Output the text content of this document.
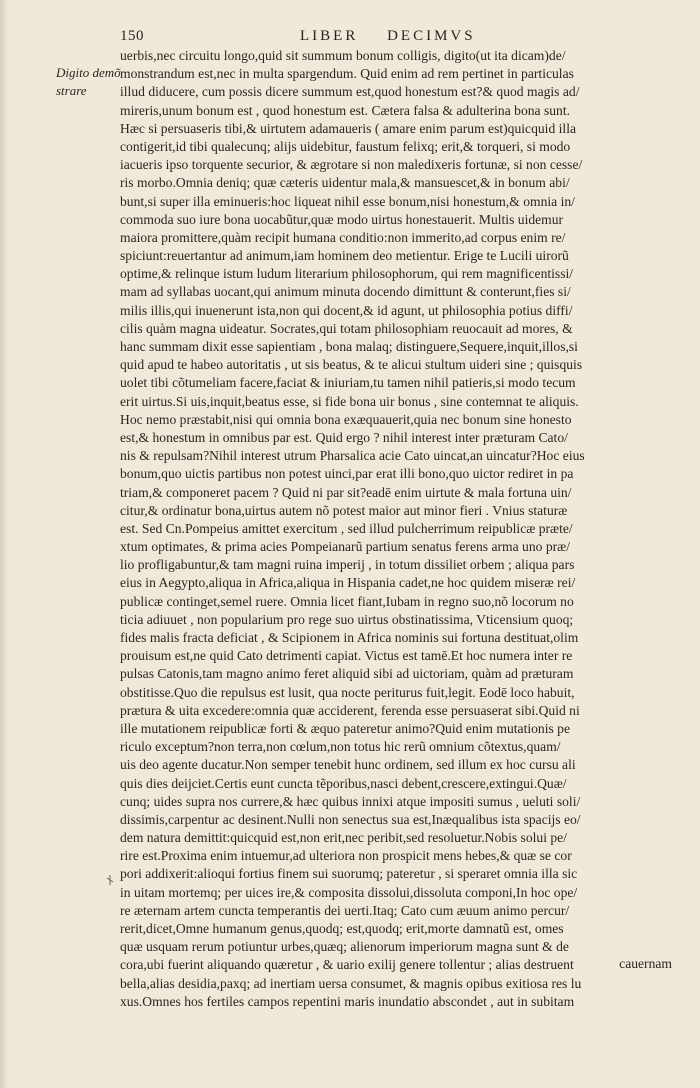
150	LIBER DECIMVS
Digito demõ
strare
uerbis,nec circuitu longo,quid sit summum bonum colligis, digito(ut ita dicam)de/
monstrandum est,nec in multa spargendum. Quid enim ad rem pertinet in particulas
illud diducere, cum possis dicere summum est,quod honestum est?& quod magis ad/
mireris,unum bonum est , quod honestum est. Cætera falsa & adulterina bona sunt.
Hæc si persuaseris tibi,& uirtutem adamaueris ( amare enim parum est)quicquid illa
contigerit,id tibi qualecunq; alijs uidebitur, faustum felixq; erit,& torqueri, si modo
iacueris ipso torquente securior, & ægrotare si non maledixeris fortunæ, si non cesse/
ris morbo.Omnia deniq; quæ cæteris uidentur mala,& mansuescet,& in bonum abi/
bunt,si super illa eminueris:hoc liqueat nihil esse bonum,nisi honestum,& omnia in/
commoda suo iure bona uocabũtur,quæ modo uirtus honestauerit. Multis uidemur
maiora promittere,quàm recipit humana conditio:non immerito,ad corpus enim re/
spiciunt:reuertantur ad animum,iam hominem deo metientur. Erige te Lucili uirorũ
optime,& relinque istum ludum literarium philosophorum, qui rem magnificentissi/
mam ad syllabas uocant,qui animum minuta docendo dimittunt & conterunt,fies si/
milis illis,qui inuenerunt ista,non qui docent,& id agunt, ut philosophia potius diffi/
cilis quàm magna uideatur. Socrates,qui totam philosophiam reuocauit ad mores, &
hanc summam dixit esse sapientiam , bona malaq; distinguere,Sequere,inquit,illos,si
quid apud te habeo autoritatis , ut sis beatus, & te alicui stultum uideri sine ; quisquis
uolet tibi cõtumeliam facere,faciat & iniuriam,tu tamen nihil patieris,si modo tecum
erit uirtus.Si uis,inquit,beatus esse, si fide bona uir bonus , sine contemnat te aliquis.
Hoc nemo præstabit,nisi qui omnia bona exæquauerit,quia nec bonum sine honesto
est,& honestum in omnibus par est. Quid ergo ? nihil interest inter præturam Cato/
nis & repulsam?Nihil interest utrum Pharsalica acie Cato uincat,an uincatur?Hoc eius
bonum,quo uictis partibus non potest uinci,par erat illi bono,quo uictor rediret in pa
triam,& componeret pacem ? Quid ni par sit?eadē enim uirtute & mala fortuna uin/
citur,& ordinatur bona,uirtus autem nõ potest maior aut minor fieri . Vnius staturæ
est. Sed Cn.Pompeius amittet exercitum , sed illud pulcherrimum reipublicæ præte/
xtum optimates, & prima acies Pompeianarũ partium senatus ferens arma uno præ/
lio profligabuntur,& tam magni ruina imperij , in totum dissiliet orbem ; aliqua pars
eius in Aegypto,aliqua in Africa,aliqua in Hispania cadet,ne hoc quidem miseræ rei/
publicæ continget,semel ruere. Omnia licet fiant,Iubam in regno suo,nõ locorum no
ticia adiuuet , non popularium pro rege suo uirtus obstinatissima, Vticensium quoq;
fides malis fracta deficiat , & Scipionem in Africa nominis sui fortuna destituat,olim
prouisum est,ne quid Cato detrimenti capiat. Victus est tamē.Et hoc numera inter re
pulsas Catonis,tam magno animo feret aliquid sibi ad uictoriam, quàm ad præturam
obstitisse.Quo die repulsus est lusit, qua nocte periturus fuit,legit. Eodē loco habuit,
prætura & uita excedere:omnia quæ acciderent, ferenda esse persuaserat sibi.Quid ni
ille mutationem reipublicæ forti & æquo pateretur animo?Quid enim mutationis pe
riculo exceptum?non terra,non cœlum,non totus hic rerũ omnium cõtextus,quam/
uis deo agente ducatur.Non semper tenebit hunc ordinem, sed illum ex hoc cursu ali
quis dies deijciet.Certis eunt cuncta tẽporibus,nasci debent,crescere,extingui.Quæ/
cunq; uides supra nos currere,& hæc quibus innixi atque impositi sumus , ueluti soli/
dissimis,carpentur ac desinent.Nulli non senectus sua est,Inæqualibus ista spacijs eo/
dem natura demittit:quicquid est,non erit,nec peribit,sed resoluetur.Nobis solui pe/
rire est.Proxima enim intuemur,ad ulteriora non prospicit mens hebes,& quæ se cor
pori addixerit:alioqui fortius finem sui suorumq; pateretur , si speraret omnia illa sic
in uitam mortemq; per uices ire,& composita dissolui,dissoluta componi,In hoc ope/
re æternam artem cuncta temperantis dei uerti.Itaq; Cato cum æuum animo percur/
rerit,dicet,Omne humanum genus,quodq; est,quodq; erit,morte damnatũ est, omes
quæ usquam rerum potiuntur urbes,quæq; alienorum imperiorum magna sunt & de
cora,ubi fuerint aliquando quæretur , & uario exilij genere tollentur ; alias destruent
bella,alias desidia,paxq; ad inertiam uersa consumet, & magnis opibus exitiosa res lu
xus.Omnes hos fertiles campos repentini maris inundatio abscondet , aut in subitam
cauernam
